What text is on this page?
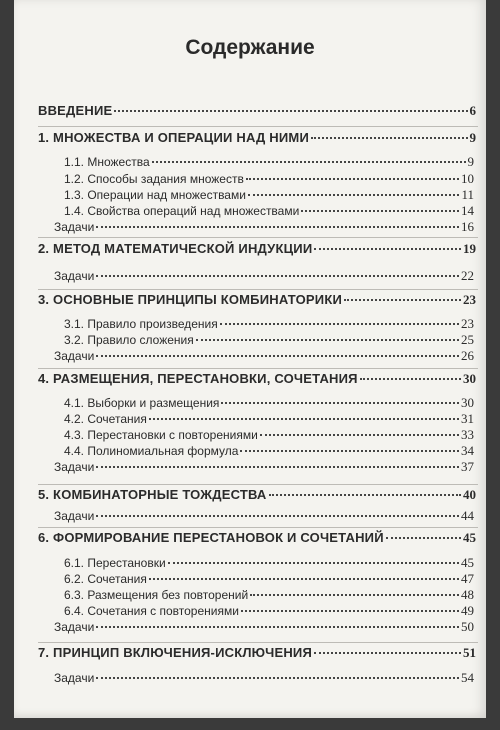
Содержание
ВВЕДЕНИЕ	6
1. МНОЖЕСТВА И ОПЕРАЦИИ НАД НИМИ	9
1.1. Множества	9
1.2. Способы задания множеств	10
1.3. Операции над множествами	11
1.4. Свойства операций над множествами	14
Задачи	16
2. МЕТОД МАТЕМАТИЧЕСКОЙ ИНДУКЦИИ	19
Задачи	22
3. ОСНОВНЫЕ ПРИНЦИПЫ КОМБИНАТОРИКИ	23
3.1. Правило произведения	23
3.2. Правило сложения	25
Задачи	26
4. РАЗМЕЩЕНИЯ, ПЕРЕСТАНОВКИ, СОЧЕТАНИЯ	30
4.1. Выборки и размещения	30
4.2. Сочетания	31
4.3. Перестановки с повторениями	33
4.4. Полиномиальная формула	34
Задачи	37
5. КОМБИНАТОРНЫЕ ТОЖДЕСТВА	40
Задачи	44
6. ФОРМИРОВАНИЕ ПЕРЕСТАНОВОК И СОЧЕТАНИЙ	45
6.1. Перестановки	45
6.2. Сочетания	47
6.3. Размещения без повторений	48
6.4. Сочетания с повторениями	49
Задачи	50
7. ПРИНЦИП ВКЛЮЧЕНИЯ-ИСКЛЮЧЕНИЯ	51
Задачи	54
